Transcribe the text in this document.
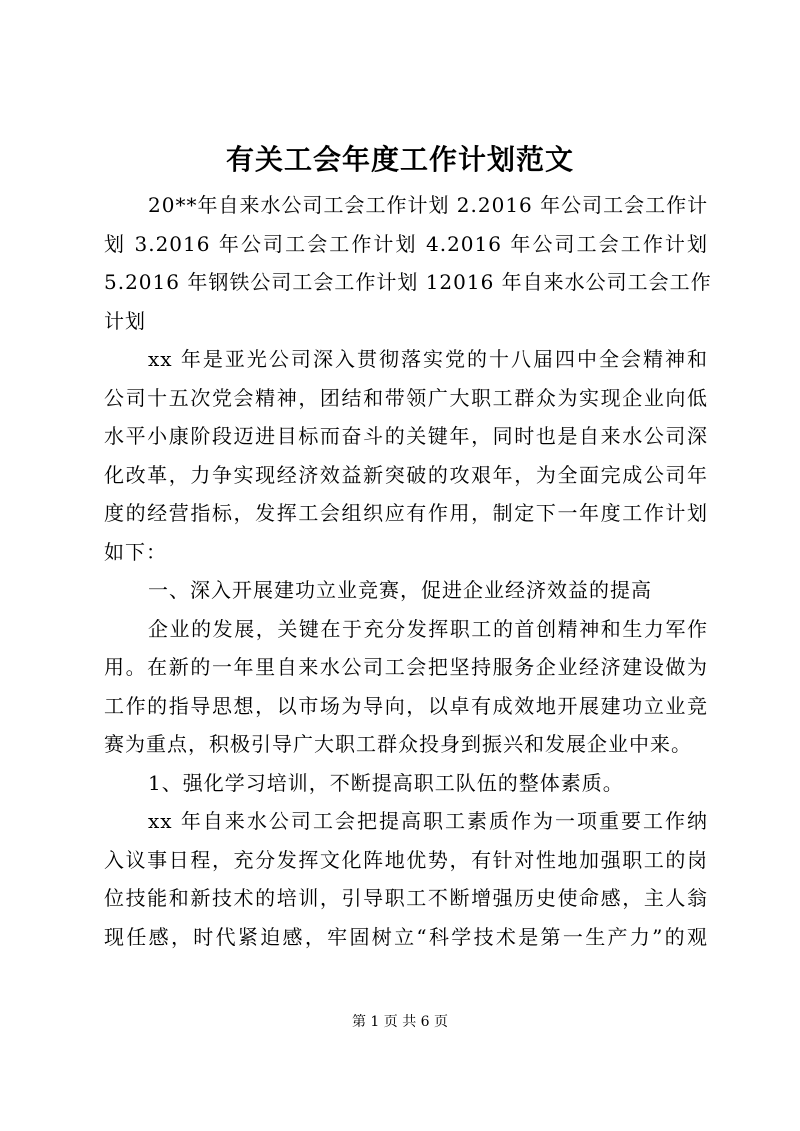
有关工会年度工作计划范文
20**年自来水公司工会工作计划 2.2016 年公司工会工作计
划 3.2016 年公司工会工作计划 4.2016 年公司工会工作计划
5.2016 年钢铁公司工会工作计划 12016 年自来水公司工会工作
计划
xx 年是亚光公司深入贯彻落实党的十八届四中全会精神和
公司十五次党会精神，团结和带领广大职工群众为实现企业向低
水平小康阶段迈进目标而奋斗的关键年，同时也是自来水公司深
化改革，力争实现经济效益新突破的攻艰年，为全面完成公司年
度的经营指标，发挥工会组织应有作用，制定下一年度工作计划
如下：
一、深入开展建功立业竞赛，促进企业经济效益的提高
企业的发展，关键在于充分发挥职工的首创精神和生力军作
用。在新的一年里自来水公司工会把坚持服务企业经济建设做为
工作的指导思想，以市场为导向，以卓有成效地开展建功立业竞
赛为重点，积极引导广大职工群众投身到振兴和发展企业中来。
1、强化学习培训，不断提高职工队伍的整体素质。
xx 年自来水公司工会把提高职工素质作为一项重要工作纳
入议事日程，充分发挥文化阵地优势，有针对性地加强职工的岗
位技能和新技术的培训，引导职工不断增强历史使命感，主人翁
现任感，时代紧迫感，牢固树立“科学技术是第一生产力”的观
第 1 页 共 6 页
